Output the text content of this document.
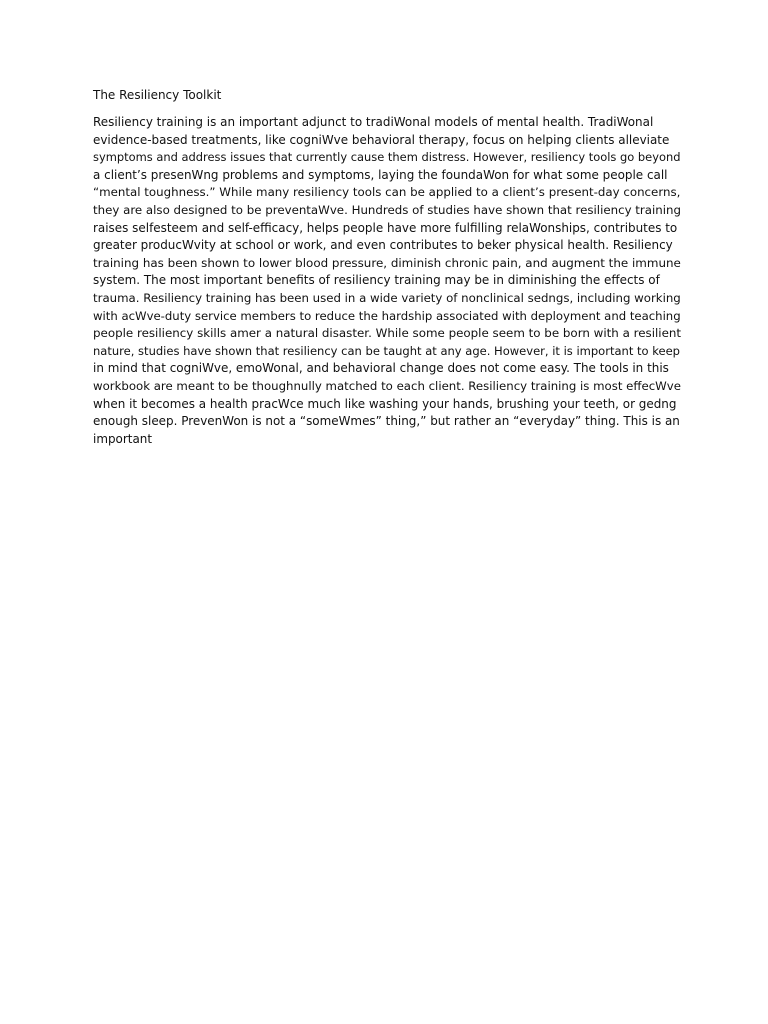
The Resiliency Toolkit

Resiliency training is an important adjunct to tradiWonal models of mental health. TradiWonal
evidence-based treatments, like cogniWve behavioral therapy, focus on helping clients alleviate
symptoms and address issues that currently cause them distress. However, resiliency tools go beyond
a client’s presenWng problems and symptoms, laying the foundaWon for what some people call
“mental toughness.” While many resiliency tools can be applied to a client’s present-day concerns,
they are also designed to be preventaWve. Hundreds of studies have shown that resiliency training
raises selfesteem and self-efficacy, helps people have more fulfilling relaWonships, contributes to
greater producWvity at school or work, and even contributes to beker physical health. Resiliency
training has been shown to lower blood pressure, diminish chronic pain, and augment the immune
system. The most important benefits of resiliency training may be in diminishing the effects of
trauma. Resiliency training has been used in a wide variety of nonclinical sedngs, including working
with acWve-duty service members to reduce the hardship associated with deployment and teaching
people resiliency skills amer a natural disaster. While some people seem to be born with a resilient
nature, studies have shown that resiliency can be taught at any age. However, it is important to keep
in mind that cogniWve, emoWonal, and behavioral change does not come easy. The tools in this
workbook are meant to be thoughnully matched to each client. Resiliency training is most effecWve
when it becomes a health pracWce much like washing your hands, brushing your teeth, or gedng
enough sleep. PrevenWon is not a “someWmes” thing,” but rather an “everyday” thing. This is an
important
